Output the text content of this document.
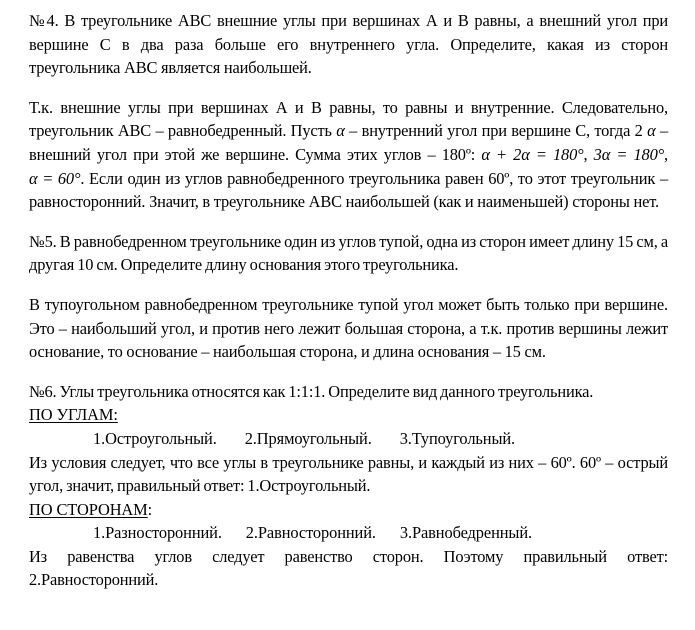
№4. В треугольнике АВС внешние углы при вершинах А и В равны, а внешний угол при вершине С в два раза больше его внутреннего угла. Определите, какая из сторон треугольника АВС является наибольшей.

Т.к. внешние углы при вершинах А и В равны, то равны и внутренние. Следовательно, треугольник АВС – равнобедренный. Пусть α – внутренний угол при вершине С, тогда 2 α – внешний угол при этой же вершине. Сумма этих углов – 180º: α + 2α = 180°, 3α = 180°, α = 60°. Если один из углов равнобедренного треугольника равен 60º, то этот треугольник – равносторонний. Значит, в треугольнике АВС наибольшей (как и наименьшей) стороны нет.

№5. В равнобедренном треугольнике один из углов тупой, одна из сторон имеет длину 15 см, а другая 10 см. Определите длину основания этого треугольника.

В тупоугольном равнобедренном треугольнике тупой угол может быть только при вершине. Это – наибольший угол, и против него лежит большая сторона, а т.к. против вершины лежит основание, то основание – наибольшая сторона, и длина основания – 15 см.

№6. Углы треугольника относятся как 1:1:1. Определите вид данного треугольника.

ПО УГЛАМ:

1.Остроугольный.       2.Прямоугольный.       3.Тупоугольный.

Из условия следует, что все углы в треугольнике равны, и каждый из них – 60º. 60º – острый угол, значит, правильный ответ: 1.Остроугольный.

ПО СТОРОНАМ:

1.Разносторонний.      2.Равносторонний.      3.Равнобедренный.

Из равенства углов следует равенство сторон. Поэтому правильный ответ: 2.Равносторонний.
